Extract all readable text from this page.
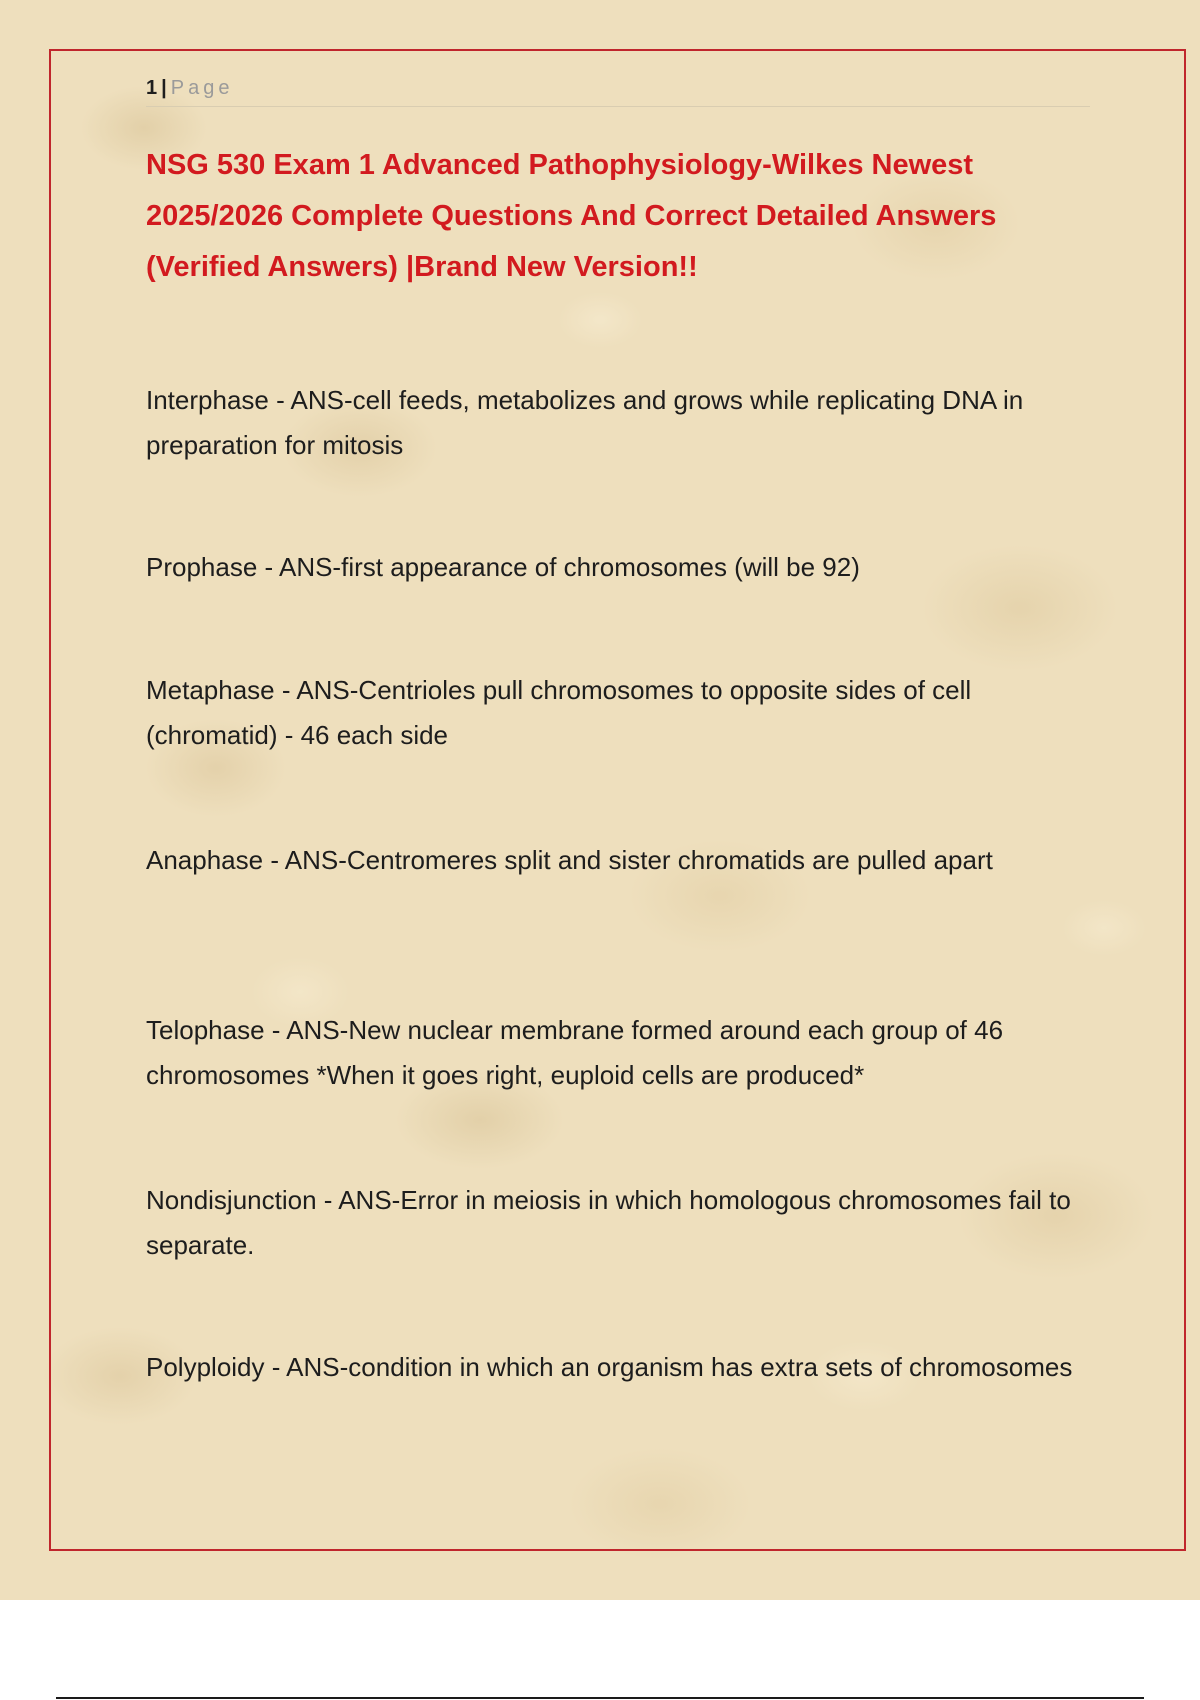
1 | Page
NSG 530 Exam 1 Advanced Pathophysiology-Wilkes Newest 2025/2026 Complete Questions And Correct Detailed Answers (Verified Answers) |Brand New Version!!

Interphase - ANS-cell feeds, metabolizes and grows while replicating DNA in preparation for mitosis

Prophase - ANS-first appearance of chromosomes (will be 92)

Metaphase - ANS-Centrioles pull chromosomes to opposite sides of cell (chromatid) - 46 each side

Anaphase - ANS-Centromeres split and sister chromatids are pulled apart

Telophase - ANS-New nuclear membrane formed around each group of 46 chromosomes *When it goes right, euploid cells are produced*

Nondisjunction - ANS-Error in meiosis in which homologous chromosomes fail to separate.

Polyploidy - ANS-condition in which an organism has extra sets of chromosomes
